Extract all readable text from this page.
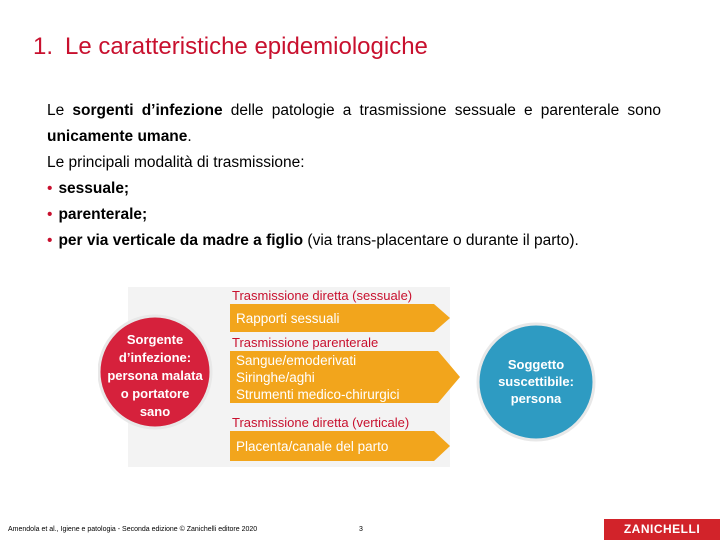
1. Le caratteristiche epidemiologiche
Le sorgenti d’infezione delle patologie a trasmissione sessuale e parenterale sono unicamente umane.
Le principali modalità di trasmissione:
• sessuale;
• parenterale;
• per via verticale da madre a figlio (via trans-placentare o durante il parto).
Trasmissione diretta (sessuale)
Trasmissione parenterale
Trasmissione diretta (verticale)
Rapporti sessuali
Sangue/emoderivati
Siringhe/aghi
Strumenti medico-chirurgici
Placenta/canale del parto
Sorgente
d’infezione:
persona malata
o portatore
sano
Soggetto
suscettibile:
persona
Amendola et al., Igiene e patologia - Seconda edizione © Zanichelli editore 2020	3	ZANICHELLI
